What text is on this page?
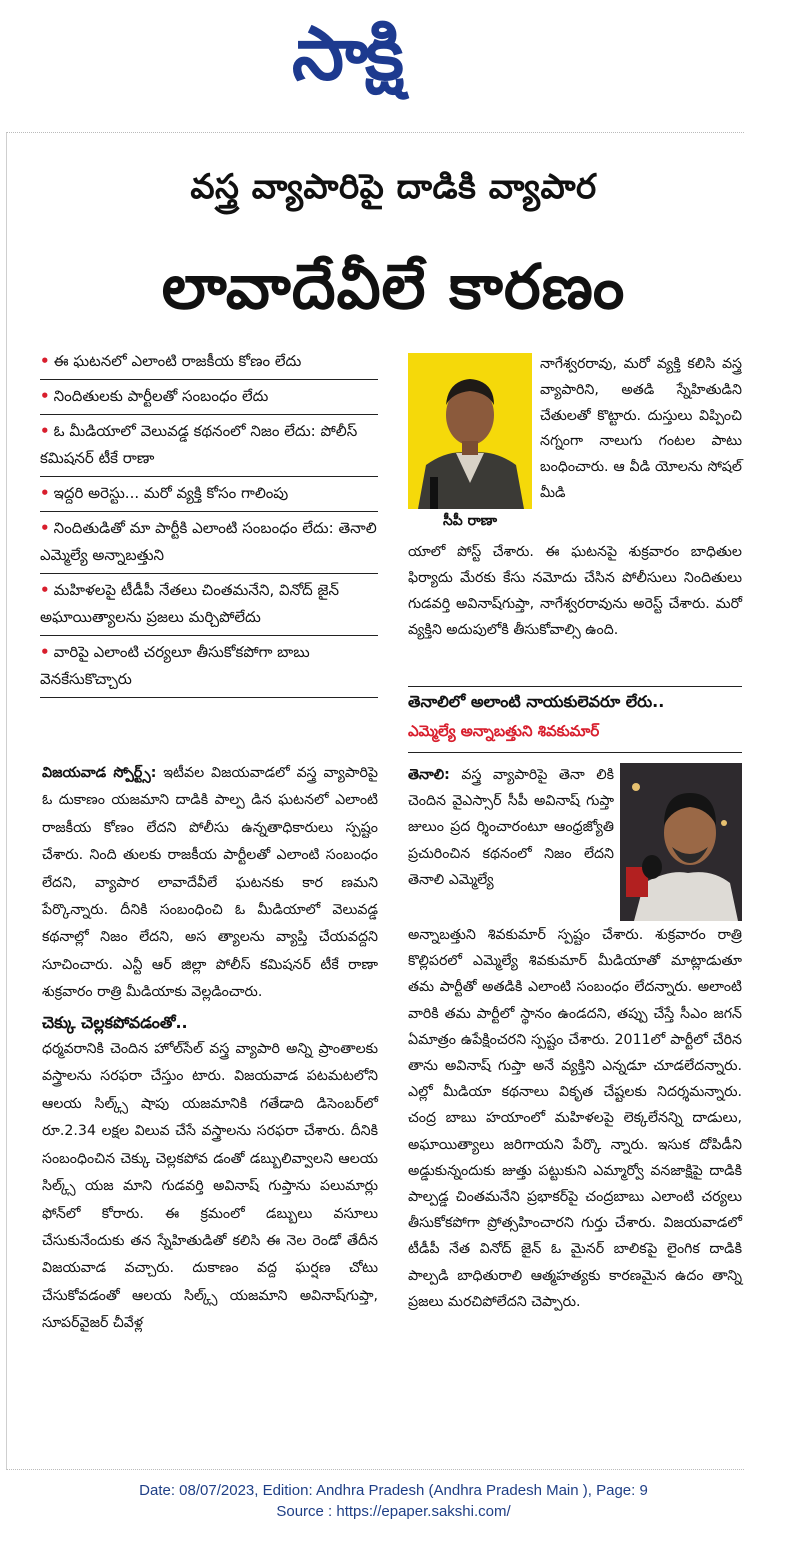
సాక్షి
వస్త్ర వ్యాపారిపై దాడికి వ్యాపార
లావాదేవీలే కారణం
• ఈ ఘటనలో ఎలాంటి రాజకీయ కోణం లేదు
• నిందితులకు పార్టీలతో సంబంధం లేదు
• ఓ మీడియాలో వెలువడ్డ కథనంలో నిజం లేదు: పోలీస్ కమిషనర్ టీకే రాణా
• ఇద్దరి అరెస్టు... మరో వ్యక్తి కోసం గాలింపు
• నిందితుడితో మా పార్టీకి ఎలాంటి సంబంధం లేదు: తెనాలి ఎమ్మెల్యే అన్నాబత్తుని
• మహిళలపై టీడీపీ నేతలు చింతమనేని, వినోద్ జైన్ అఘాయిత్యాలను ప్రజలు మర్చిపోలేదు
• వారిపై ఎలాంటి చర్యలూ తీసుకోకపోగా బాబు వెనకేసుకొచ్చారు

విజయవాడ స్పోర్ట్స్: ఇటీవల విజయవాడలో వస్త్ర వ్యాపారిపై ఓ దుకాణం యజమాని దాడికి పాల్ప డిన ఘటనలో ఎలాంటి రాజకీయ కోణం లేదని పోలీసు ఉన్నతాధికారులు స్పష్టం చేశారు. నింది తులకు రాజకీయ పార్టీలతో ఎలాంటి సంబంధం లేదని, వ్యాపార లావాదేవీలే ఘటనకు కార ణమని పేర్కొన్నారు. దీనికి సంబంధించి ఓ మీడియాలో వెలువడ్డ కథనాల్లో నిజం లేదని, అస త్యాలను వ్యాప్తి చేయవద్దని సూచించారు. ఎన్టీ ఆర్ జిల్లా పోలీస్ కమిషనర్ టీకే రాణా శుక్రవారం రాత్రి మీడియాకు వెల్లడించారు.

చెక్కు చెల్లకపోవడంతో..

ధర్మవరానికి చెందిన హోల్‌సేల్ వస్త్ర వ్యాపారి అన్ని ప్రాంతాలకు వస్త్రాలను సరఫరా చేస్తుం టారు. విజయవాడ పటమటలోని ఆలయ సిల్క్స్ షాపు యజమానికి గతేడాది డిసెంబర్‌లో రూ.2.34 లక్షల విలువ చేసే వస్త్రాలను సరఫరా చేశారు. దీనికి సంబంధించిన చెక్కు చెల్లకపోవ డంతో డబ్బులివ్వాలని ఆలయ సిల్క్స్ యజ మాని గుడవర్తి అవినాష్ గుప్తాను పలుమార్లు ఫోన్‌లో కోరారు. ఈ క్రమంలో డబ్బులు వసూలు చేసుకునేందుకు తన స్నేహితుడితో కలిసి ఈ నెల రెండో తేదీన విజయవాడ వచ్చారు. దుకాణం వద్ద ఘర్షణ చోటు చేసుకోవడంతో ఆలయ సిల్క్స్ యజమాని అవినాష్‌గుప్తా, సూపర్‌వైజర్ చీవేళ్ల

సీపీ రాణా
నాగేశ్వరరావు, మరో వ్యక్తి కలిసి వస్త్ర వ్యాపారిని, అతడి స్నేహితుడిని చేతులతో కొట్టారు. దుస్తులు విప్పించి నగ్నంగా నాలుగు గంటల పాటు బంధించారు. ఆ వీడి యోలను సోషల్ మీడి
యాలో పోస్ట్ చేశారు. ఈ ఘటనపై శుక్రవారం బాధితుల ఫిర్యాదు మేరకు కేసు నమోదు చేసిన పోలీసులు నిందితులు గుడవర్తి అవినాష్‌గుప్తా, నాగేశ్వరరావును అరెస్ట్ చేశారు. మరో వ్యక్తిని అదుపులోకి తీసుకోవాల్సి ఉంది.
తెనాలిలో అలాంటి నాయకులెవరూ లేరు..
ఎమ్మెల్యే అన్నాబత్తుని శివకుమార్
తెనాలి: వస్త్ర వ్యాపారిపై తెనా లికి చెందిన వైఎస్సార్ సీపీ అవినాష్ గుప్తా జులుం ప్రద ర్శించారంటూ ఆంధ్రజ్యోతి ప్రచురించిన కథనంలో నిజం లేదని తెనాలి ఎమ్మెల్యే
అన్నాబత్తుని శివకుమార్ స్పష్టం చేశారు. శుక్రవారం రాత్రి కొల్లిపరలో ఎమ్మెల్యే శివకుమార్ మీడియాతో మాట్లాడుతూ తమ పార్టీతో అతడికి ఎలాంటి సంబంధం లేదన్నారు. అలాంటి వారికి తమ పార్టీలో స్థానం ఉండదని, తప్పు చేస్తే సీఎం జగన్ ఏమాత్రం ఉపేక్షించరని స్పష్టం చేశారు. 2011లో పార్టీలో చేరిన తాను అవినాష్ గుప్తా అనే వ్యక్తిని ఎన్నడూ చూడలేదన్నారు. ఎల్లో మీడియా కథనాలు వికృత చేష్టలకు నిదర్శమన్నారు. చంద్ర బాబు హయాంలో మహిళలపై లెక్కలేనన్ని దాడులు, అఘాయిత్యాలు జరిగాయని పేర్కొ న్నారు. ఇసుక దోపిడీని అడ్డుకున్నందుకు జుత్తు పట్టుకుని ఎమ్మార్వో వనజాక్షిపై దాడికి పాల్పడ్డ చింతమనేని ప్రభాకర్‌పై చంద్రబాబు ఎలాంటి చర్యలు తీసుకోకపోగా ప్రోత్సహించారని గుర్తు చేశారు. విజయవాడలో టీడీపీ నేత వినోద్ జైన్ ఓ మైనర్ బాలికపై లైంగిక దాడికి పాల్పడి బాధితురాలి ఆత్మహత్యకు కారణమైన ఉదం తాన్ని ప్రజలు మరచిపోలేదని చెప్పారు.
Date: 08/07/2023, Edition: Andhra Pradesh (Andhra Pradesh Main ), Page: 9
Source : https://epaper.sakshi.com/
